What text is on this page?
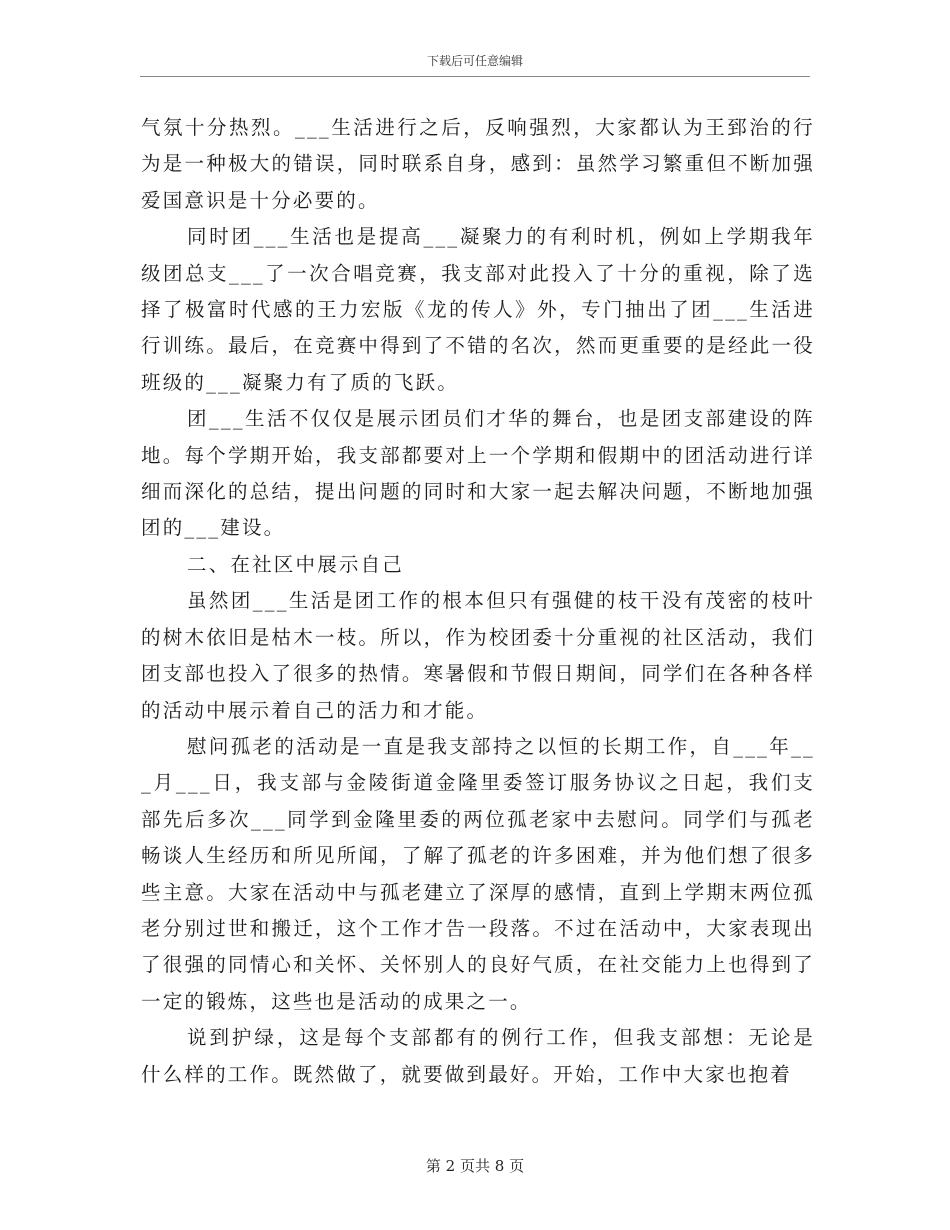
下载后可任意编辑

气氛十分热烈。___生活进行之后，反响强烈，大家都认为王郅治的行为是一种极大的错误，同时联系自身，感到：虽然学习繁重但不断加强爱国意识是十分必要的。

同时团___生活也是提高___凝聚力的有利时机，例如上学期我年级团总支___了一次合唱竞赛，我支部对此投入了十分的重视，除了选择了极富时代感的王力宏版《龙的传人》外，专门抽出了团___生活进行训练。最后，在竞赛中得到了不错的名次，然而更重要的是经此一役班级的___凝聚力有了质的飞跃。

团___生活不仅仅是展示团员们才华的舞台，也是团支部建设的阵地。每个学期开始，我支部都要对上一个学期和假期中的团活动进行详细而深化的总结，提出问题的同时和大家一起去解决问题，不断地加强团的___建设。

二、在社区中展示自己

虽然团___生活是团工作的根本但只有强健的枝干没有茂密的枝叶的树木依旧是枯木一枝。所以，作为校团委十分重视的社区活动，我们团支部也投入了很多的热情。寒暑假和节假日期间，同学们在各种各样的活动中展示着自己的活力和才能。

慰问孤老的活动是一直是我支部持之以恒的长期工作，自___年___月___日，我支部与金陵街道金隆里委签订服务协议之日起，我们支部先后多次___同学到金隆里委的两位孤老家中去慰问。同学们与孤老畅谈人生经历和所见所闻，了解了孤老的许多困难，并为他们想了很多些主意。大家在活动中与孤老建立了深厚的感情，直到上学期末两位孤老分别过世和搬迁，这个工作才告一段落。不过在活动中，大家表现出了很强的同情心和关怀、关怀别人的良好气质，在社交能力上也得到了一定的锻炼，这些也是活动的成果之一。

说到护绿，这是每个支部都有的例行工作，但我支部想：无论是什么样的工作。既然做了，就要做到最好。开始，工作中大家也抱着

第 2 页共 8 页
